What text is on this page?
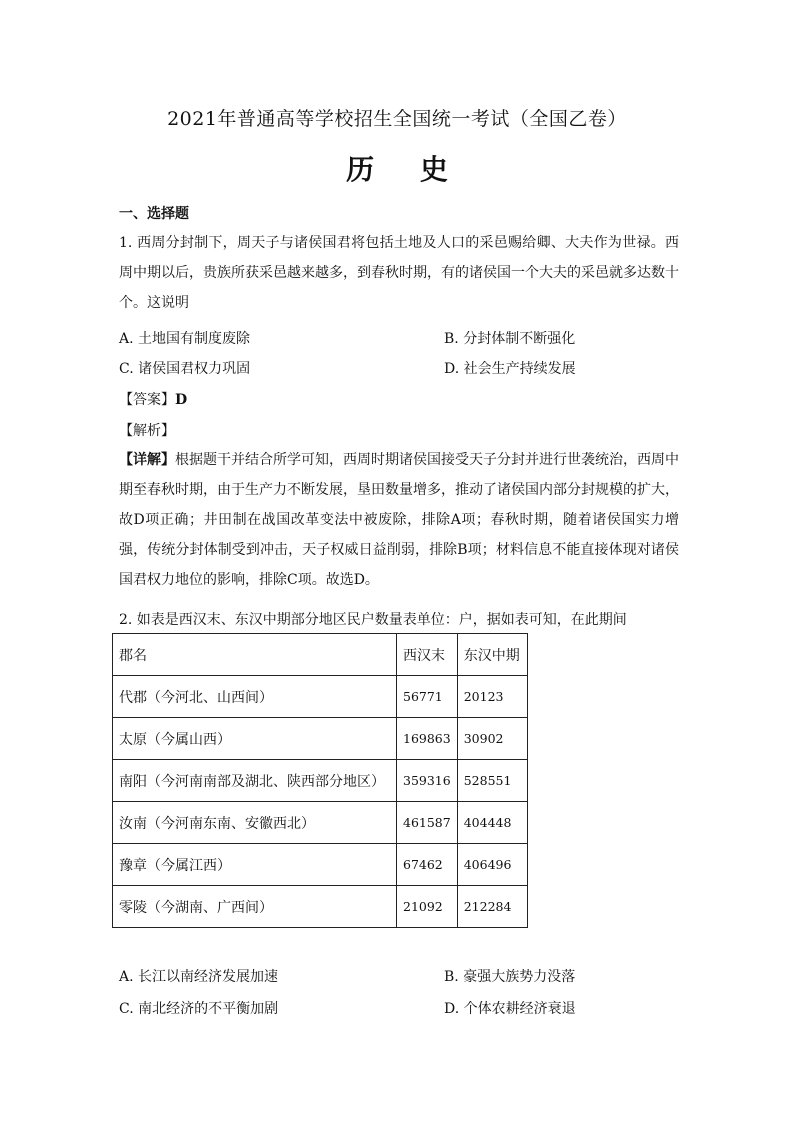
2021年普通高等学校招生全国统一考试（全国乙卷）
历 史
一、选择题
1. 西周分封制下，周天子与诸侯国君将包括土地及人口的采邑赐给卿、大夫作为世禄。西周中期以后，贵族所获采邑越来越多，到春秋时期，有的诸侯国一个大夫的采邑就多达数十个。这说明
A. 土地国有制度废除	B. 分封体制不断强化
C. 诸侯国君权力巩固	D. 社会生产持续发展
【答案】D
【解析】
【详解】根据题干并结合所学可知，西周时期诸侯国接受天子分封并进行世袭统治，西周中期至春秋时期，由于生产力不断发展，垦田数量增多，推动了诸侯国内部分封规模的扩大，故D项正确；井田制在战国改革变法中被废除，排除A项；春秋时期，随着诸侯国实力增强，传统分封体制受到冲击，天子权威日益削弱，排除B项；材料信息不能直接体现对诸侯国君权力地位的影响，排除C项。故选D。
2. 如表是西汉末、东汉中期部分地区民户数量表单位：户，据如表可知，在此期间
郡名	西汉末	东汉中期
代郡（今河北、山西间）	56771	20123
太原（今属山西）	169863	30902
南阳（今河南南部及湖北、陕西部分地区）	359316	528551
汝南（今河南东南、安徽西北）	461587	404448
豫章（今属江西）	67462	406496
零陵（今湖南、广西间）	21092	212284
A. 长江以南经济发展加速	B. 豪强大族势力没落
C. 南北经济的不平衡加剧	D. 个体农耕经济衰退
